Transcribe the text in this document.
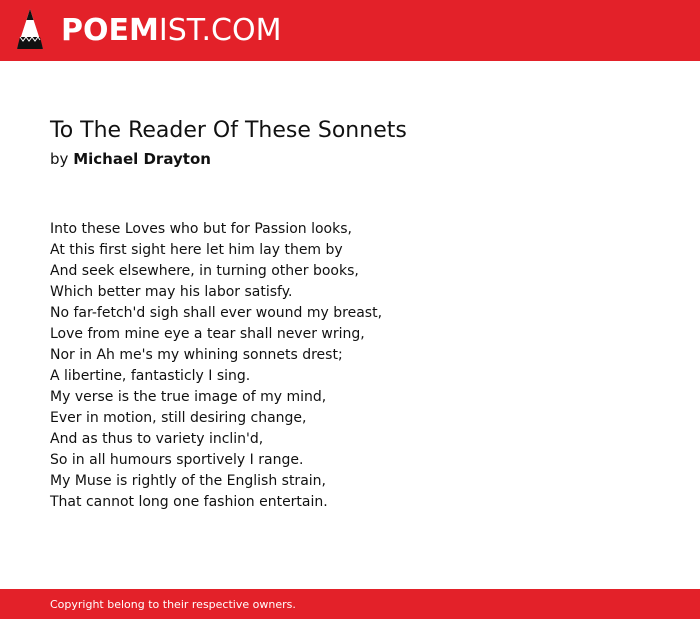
POEMIST.COM
To The Reader Of These Sonnets
by Michael Drayton
Into these Loves who but for Passion looks,
At this first sight here let him lay them by
And seek elsewhere, in turning other books,
Which better may his labor satisfy.
No far-fetch'd sigh shall ever wound my breast,
Love from mine eye a tear shall never wring,
Nor in Ah me's my whining sonnets drest;
A libertine, fantasticly I sing.
My verse is the true image of my mind,
Ever in motion, still desiring change,
And as thus to variety inclin'd,
So in all humours sportively I range.
My Muse is rightly of the English strain,
That cannot long one fashion entertain.
Copyright belong to their respective owners.
